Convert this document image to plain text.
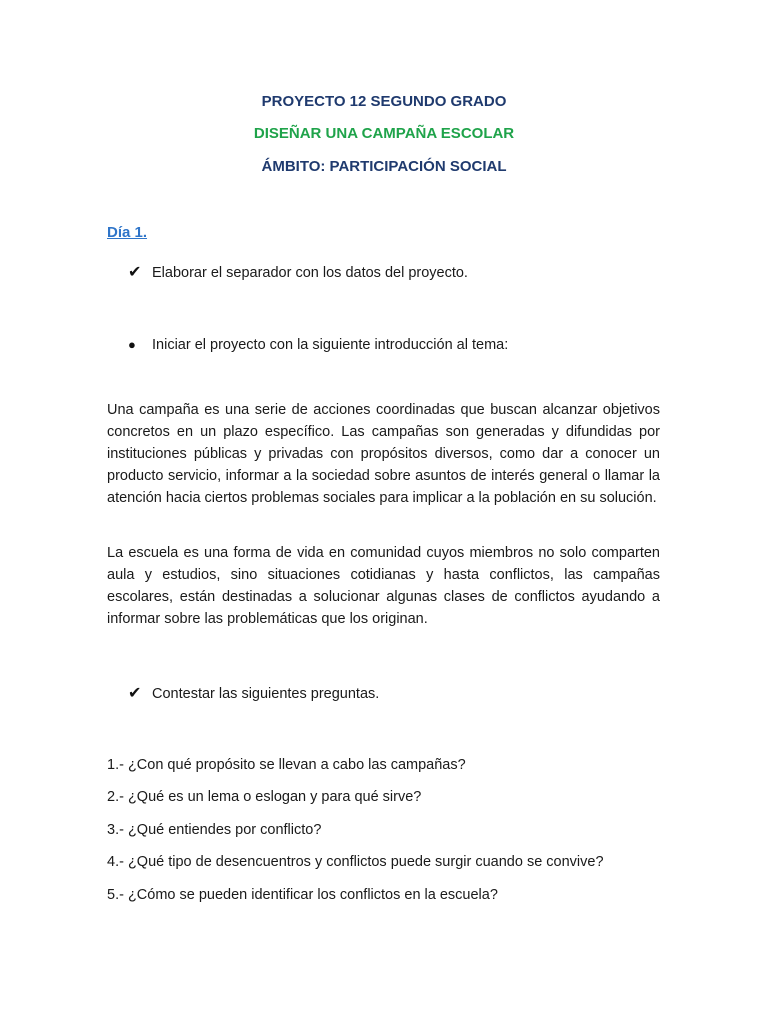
PROYECTO 12 SEGUNDO GRADO
DISEÑAR UNA CAMPAÑA ESCOLAR
ÁMBITO: PARTICIPACIÓN SOCIAL
Día 1.
✔ Elaborar el separador con los datos del proyecto.
●	Iniciar el proyecto con la siguiente introducción al tema:
Una campaña es una serie de acciones coordinadas que buscan alcanzar objetivos concretos en un plazo específico. Las campañas son generadas y difundidas por instituciones públicas y privadas con propósitos diversos, como dar a conocer un producto servicio, informar a la sociedad sobre asuntos de interés general o llamar la atención hacia ciertos problemas sociales para implicar a la población en su solución.
La escuela es una forma de vida en comunidad cuyos miembros no solo comparten aula y estudios, sino situaciones cotidianas y hasta conflictos, las campañas escolares, están destinadas a solucionar algunas clases de conflictos ayudando a informar sobre las problemáticas que los originan.
✔ Contestar las siguientes preguntas.
1.- ¿Con qué propósito se llevan a cabo las campañas?
2.- ¿Qué es un lema o eslogan y para qué sirve?
3.- ¿Qué entiendes por conflicto?
4.- ¿Qué tipo de desencuentros y conflictos puede surgir cuando se convive?
5.- ¿Cómo se pueden identificar los conflictos en la escuela?
